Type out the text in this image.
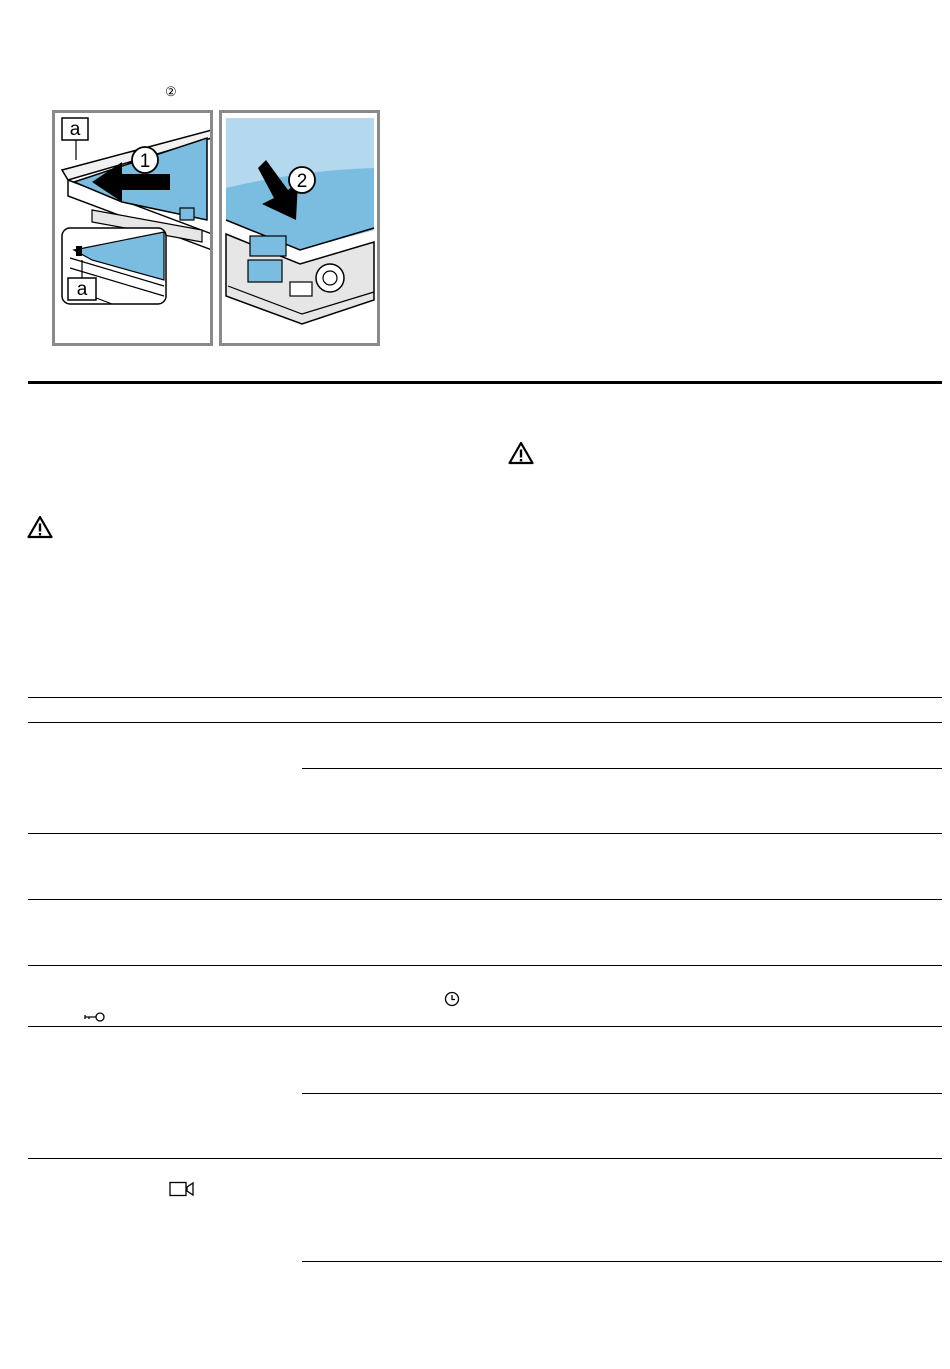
②
a
a
1
2
